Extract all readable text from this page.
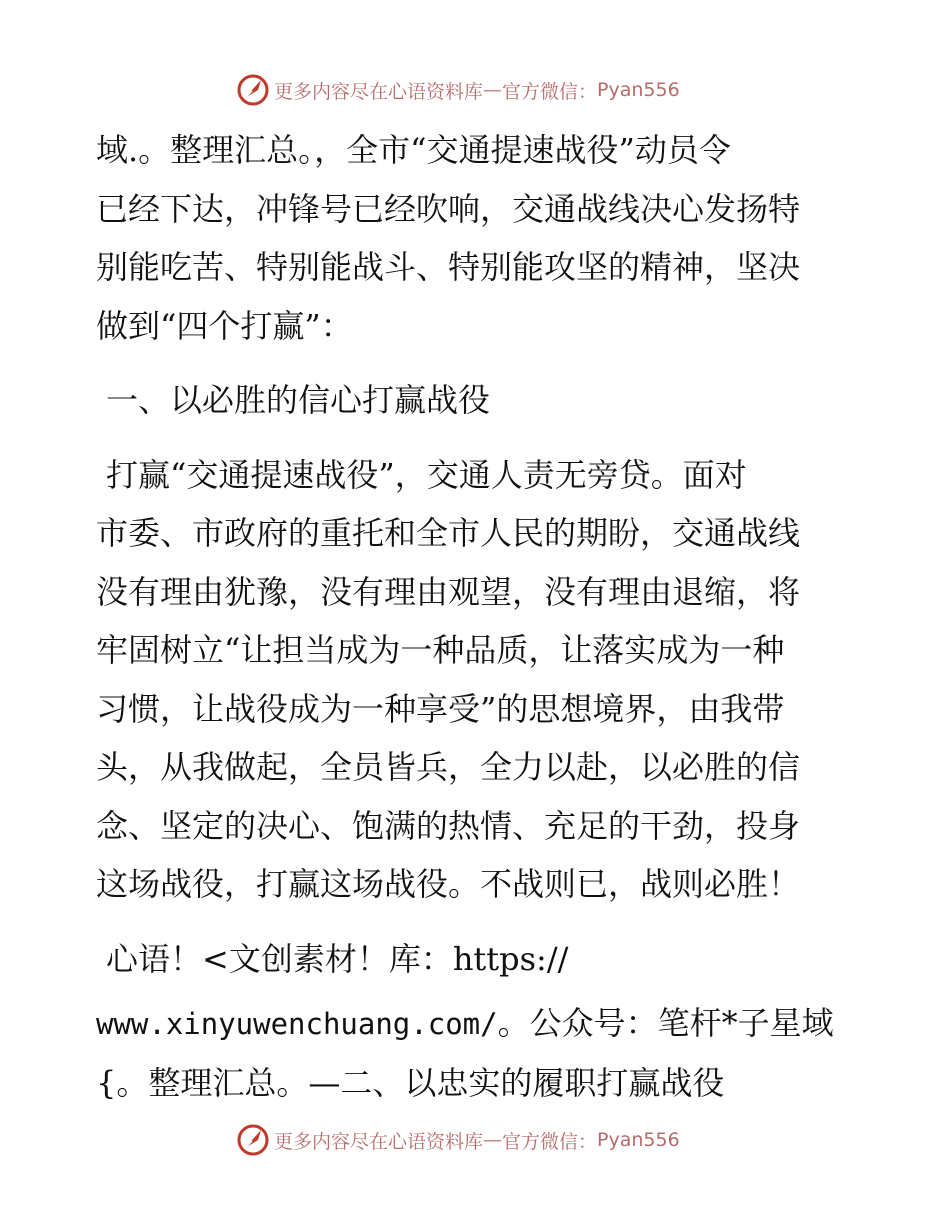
更多内容尽在心语资料库 — 官方微信： Pyan556

域.。整理汇总。，全市“交通提速战役”动员令

已经下达，冲锋号已经吹响，交通战线决心发扬特

别能吃苦、特别能战斗、特别能攻坚的精神，坚决

做到“四个打赢”：

一、以必胜的信心打赢战役

打赢“交通提速战役”，交通人责无旁贷。面对

市委、市政府的重托和全市人民的期盼，交通战线

没有理由犹豫，没有理由观望，没有理由退缩，将

牢固树立“让担当成为一种品质，让落实成为一种

习惯，让战役成为一种享受”的思想境界，由我带

头，从我做起，全员皆兵，全力以赴，以必胜的信

念、坚定的决心、饱满的热情、充足的干劲，投身

这场战役，打赢这场战役。不战则已，战则必胜！

心语！<文创素材！库：https://

www.xinyuwenchuang.com/。公众号：笔杆*子星域

{。整理汇总。—二、以忠实的履职打赢战役

更多内容尽在心语资料库 — 官方微信： Pyan556
